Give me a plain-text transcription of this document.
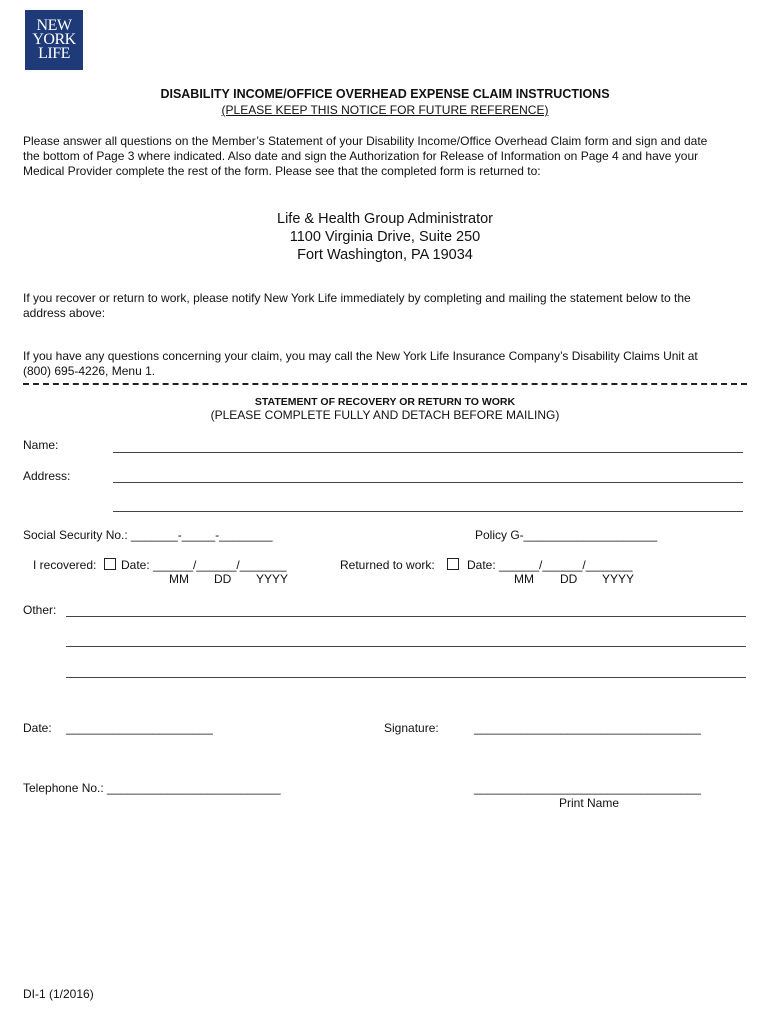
NEW
YORK
LIFE
DISABILITY INCOME/OFFICE OVERHEAD EXPENSE CLAIM INSTRUCTIONS
(PLEASE KEEP THIS NOTICE FOR FUTURE REFERENCE)
Please answer all questions on the Member’s Statement of your Disability Income/Office Overhead Claim form and sign and date
the bottom of Page 3 where indicated. Also date and sign the Authorization for Release of Information on Page 4 and have your
Medical Provider complete the rest of the form. Please see that the completed form is returned to:
Life & Health Group Administrator
1100 Virginia Drive, Suite 250
Fort Washington, PA 19034
If you recover or return to work, please notify New York Life immediately by completing and mailing the statement below to the
address above:
If you have any questions concerning your claim, you may call the New York Life Insurance Company’s Disability Claims Unit at
(800) 695-4226, Menu 1.
STATEMENT OF RECOVERY OR RETURN TO WORK
(PLEASE COMPLETE FULLY AND DETACH BEFORE MAILING)
Name:
Address:
Social Security No.: _______-_____-________	Policy G-____________________
I recovered: Date: ______/______/_______
MM DD YYYY
Returned to work:	Date: ______/______/_______
MM DD YYYY
Other:
Date: ______________________	Signature:	__________________________________
Telephone No.: __________________________	__________________________________
Print Name
DI-1 (1/2016)
